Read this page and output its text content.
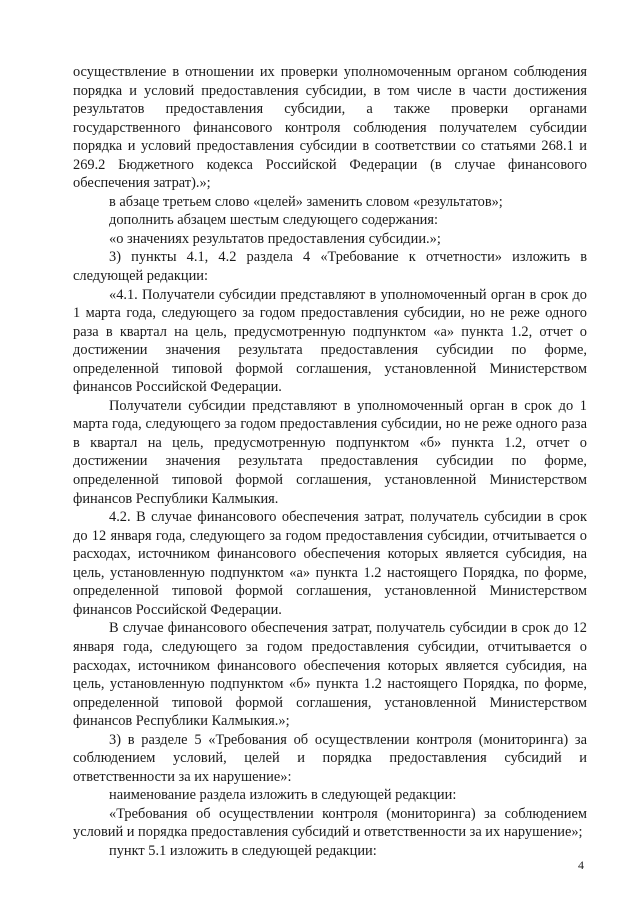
осуществление в отношении их проверки уполномоченным органом соблюдения порядка и условий предоставления субсидии, в том числе в части достижения результатов предоставления субсидии, а также проверки органами государственного финансового контроля соблюдения получателем субсидии порядка и условий предоставления субсидии в соответствии со статьями 268.1 и 269.2 Бюджетного кодекса Российской Федерации (в случае финансового обеспечения затрат).»;

в абзаце третьем слово «целей» заменить словом «результатов»;

дополнить абзацем шестым следующего содержания:

«о значениях результатов предоставления субсидии.»;

3) пункты 4.1, 4.2 раздела 4 «Требование к отчетности» изложить в следующей редакции:

«4.1. Получатели субсидии представляют в уполномоченный орган в срок до 1 марта года, следующего за годом предоставления субсидии, но не реже одного раза в квартал на цель, предусмотренную подпунктом «а» пункта 1.2, отчет о достижении значения результата предоставления субсидии по форме, определенной типовой формой соглашения, установленной Министерством финансов Российской Федерации.

Получатели субсидии представляют в уполномоченный орган в срок до 1 марта года, следующего за годом предоставления субсидии, но не реже одного раза в квартал на цель, предусмотренную подпунктом «б» пункта 1.2, отчет о достижении значения результата предоставления субсидии по форме, определенной типовой формой соглашения, установленной Министерством финансов Республики Калмыкия.

4.2. В случае финансового обеспечения затрат, получатель субсидии в срок до 12 января года, следующего за годом предоставления субсидии, отчитывается о расходах, источником финансового обеспечения которых является субсидия, на цель, установленную подпунктом «а» пункта 1.2 настоящего Порядка, по форме, определенной типовой формой соглашения, установленной Министерством финансов Российской Федерации.

В случае финансового обеспечения затрат, получатель субсидии в срок до 12 января года, следующего за годом предоставления субсидии, отчитывается о расходах, источником финансового обеспечения которых является субсидия, на цель, установленную подпунктом «б» пункта 1.2 настоящего Порядка, по форме, определенной типовой формой соглашения, установленной Министерством финансов Республики Калмыкия.»;

3) в разделе 5 «Требования об осуществлении контроля (мониторинга) за соблюдением условий, целей и порядка предоставления субсидий и ответственности за их нарушение»:

наименование раздела изложить в следующей редакции:

«Требования об осуществлении контроля (мониторинга) за соблюдением условий и порядка предоставления субсидий и ответственности за их нарушение»;

пункт 5.1 изложить в следующей редакции:

4
